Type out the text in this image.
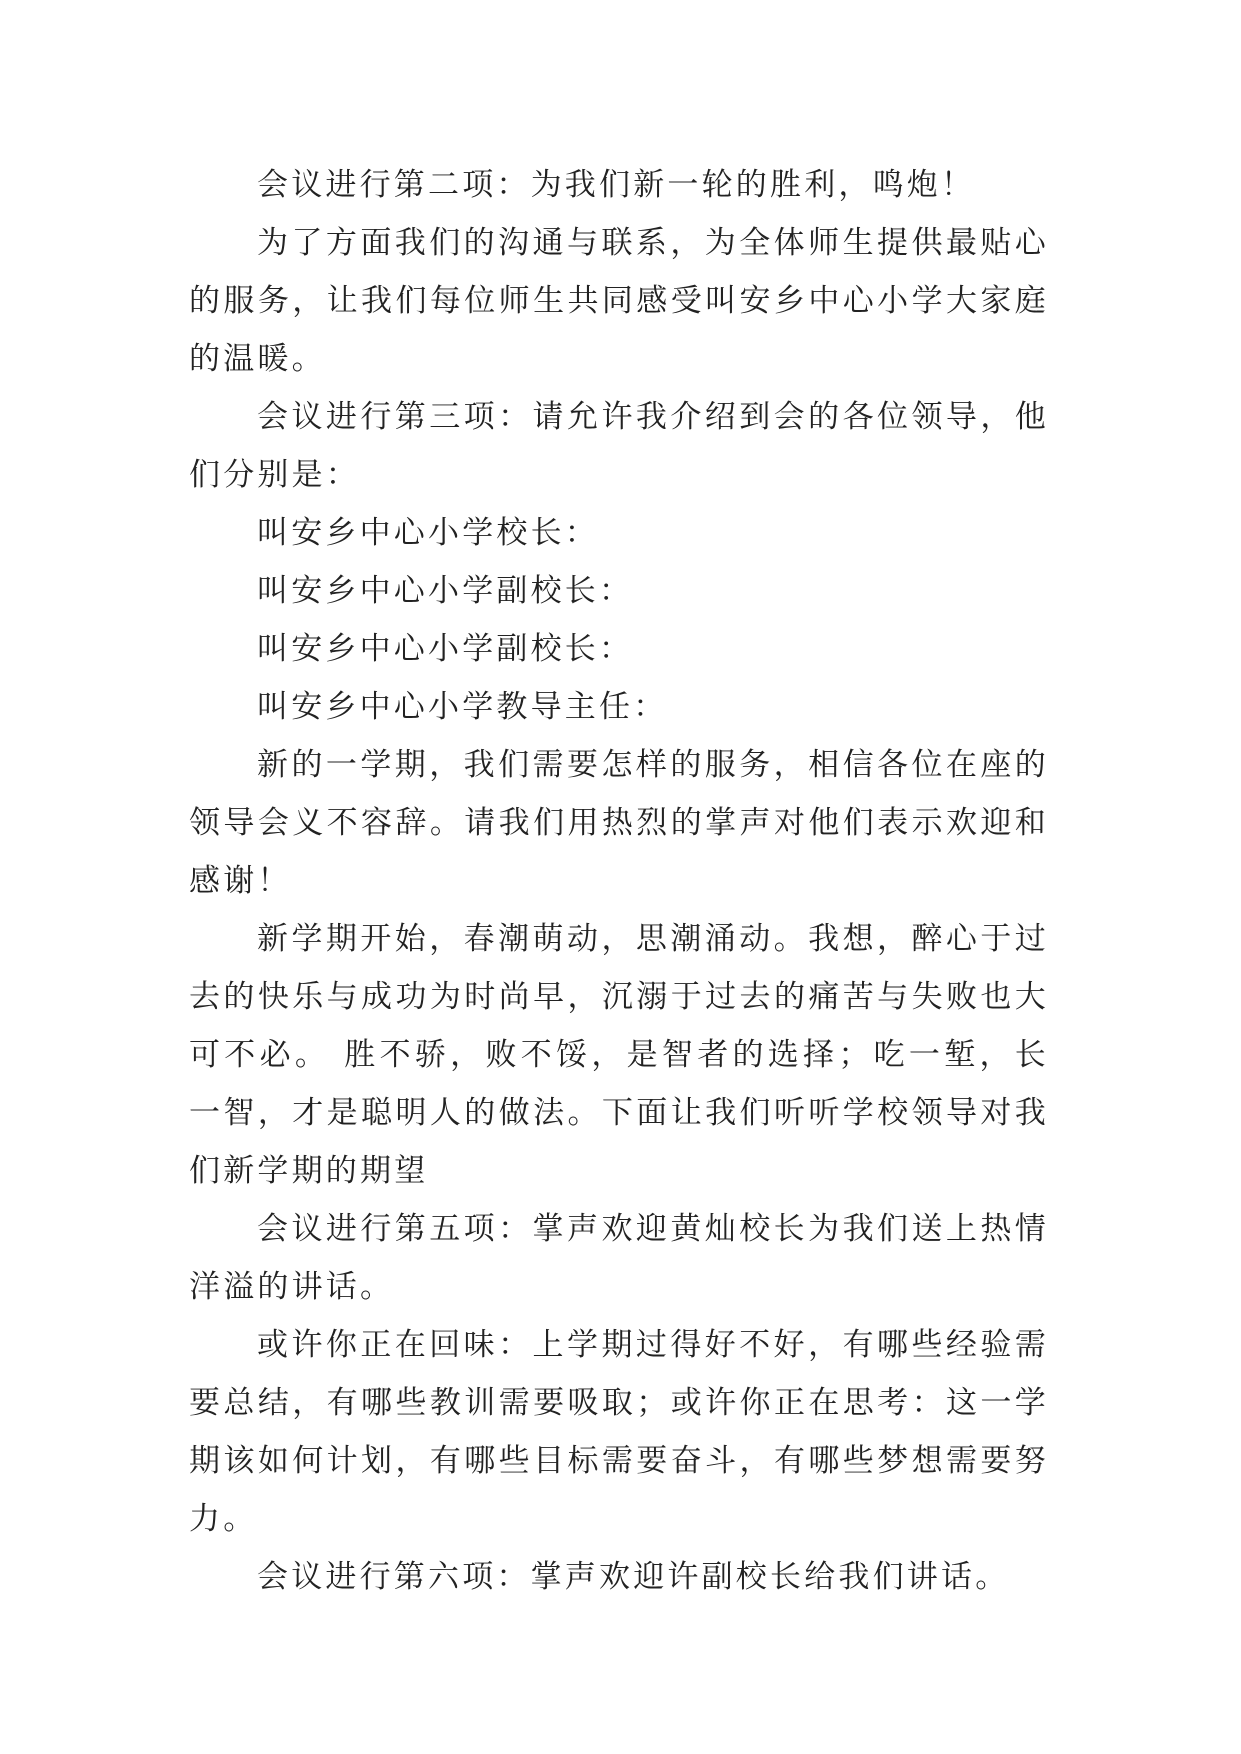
会议进行第二项：为我们新一轮的胜利，鸣炮！

为了方面我们的沟通与联系，为全体师生提供最贴心的服务，让我们每位师生共同感受叫安乡中心小学大家庭的温暖。

会议进行第三项：请允许我介绍到会的各位领导，他们分别是：

叫安乡中心小学校长：

叫安乡中心小学副校长：

叫安乡中心小学副校长：

叫安乡中心小学教导主任：

新的一学期，我们需要怎样的服务，相信各位在座的领导会义不容辞。请我们用热烈的掌声对他们表示欢迎和感谢！

新学期开始，春潮萌动，思潮涌动。我想，醉心于过去的快乐与成功为时尚早，沉溺于过去的痛苦与失败也大可不必。 胜不骄，败不馁，是智者的选择；吃一堑，长一智，才是聪明人的做法。下面让我们听听学校领导对我们新学期的期望

会议进行第五项：掌声欢迎黄灿校长为我们送上热情洋溢的讲话。

或许你正在回味：上学期过得好不好，有哪些经验需要总结，有哪些教训需要吸取；或许你正在思考：这一学期该如何计划，有哪些目标需要奋斗，有哪些梦想需要努力。

会议进行第六项：掌声欢迎许副校长给我们讲话。
